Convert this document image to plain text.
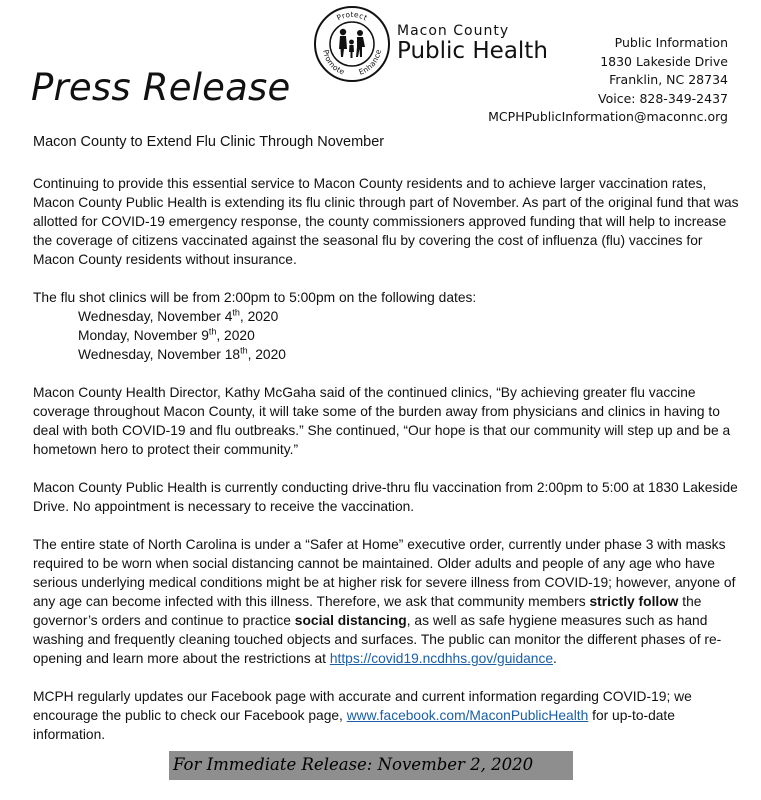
Protect
Enhance
Promote
Macon County
Public Health	Public Information
1830 Lakeside Drive
Franklin, NC 28734
Voice: 828-349-2437
MCPHPublicInformation@maconnc.org
Press Release
Macon County to Extend Flu Clinic Through November
Continuing to provide this essential service to Macon County residents and to achieve larger vaccination rates, Macon County Public Health is extending its flu clinic through part of November. As part of the original fund that was allotted for COVID-19 emergency response, the county commissioners approved funding that will help to increase the coverage of citizens vaccinated against the seasonal flu by covering the cost of influenza (flu) vaccines for Macon County residents without insurance.
The flu shot clinics will be from 2:00pm to 5:00pm on the following dates:
Wednesday, November 4th, 2020
Monday, November 9th, 2020
Wednesday, November 18th, 2020
Macon County Health Director, Kathy McGaha said of the continued clinics, “By achieving greater flu vaccine coverage throughout Macon County, it will take some of the burden away from physicians and clinics in having to deal with both COVID-19 and flu outbreaks.” She continued, “Our hope is that our community will step up and be a hometown hero to protect their community.”
Macon County Public Health is currently conducting drive-thru flu vaccination from 2:00pm to 5:00 at 1830 Lakeside Drive. No appointment is necessary to receive the vaccination.
The entire state of North Carolina is under a “Safer at Home” executive order, currently under phase 3 with masks required to be worn when social distancing cannot be maintained. Older adults and people of any age who have serious underlying medical conditions might be at higher risk for severe illness from COVID-19; however, anyone of any age can become infected with this illness. Therefore, we ask that community members strictly follow the governor’s orders and continue to practice social distancing, as well as safe hygiene measures such as hand washing and frequently cleaning touched objects and surfaces. The public can monitor the different phases of re-opening and learn more about the restrictions at https://covid19.ncdhhs.gov/guidance.
MCPH regularly updates our Facebook page with accurate and current information regarding COVID-19; we encourage the public to check our Facebook page, www.facebook.com/MaconPublicHealth for up-to-date information.
For Immediate Release: November 2, 2020
